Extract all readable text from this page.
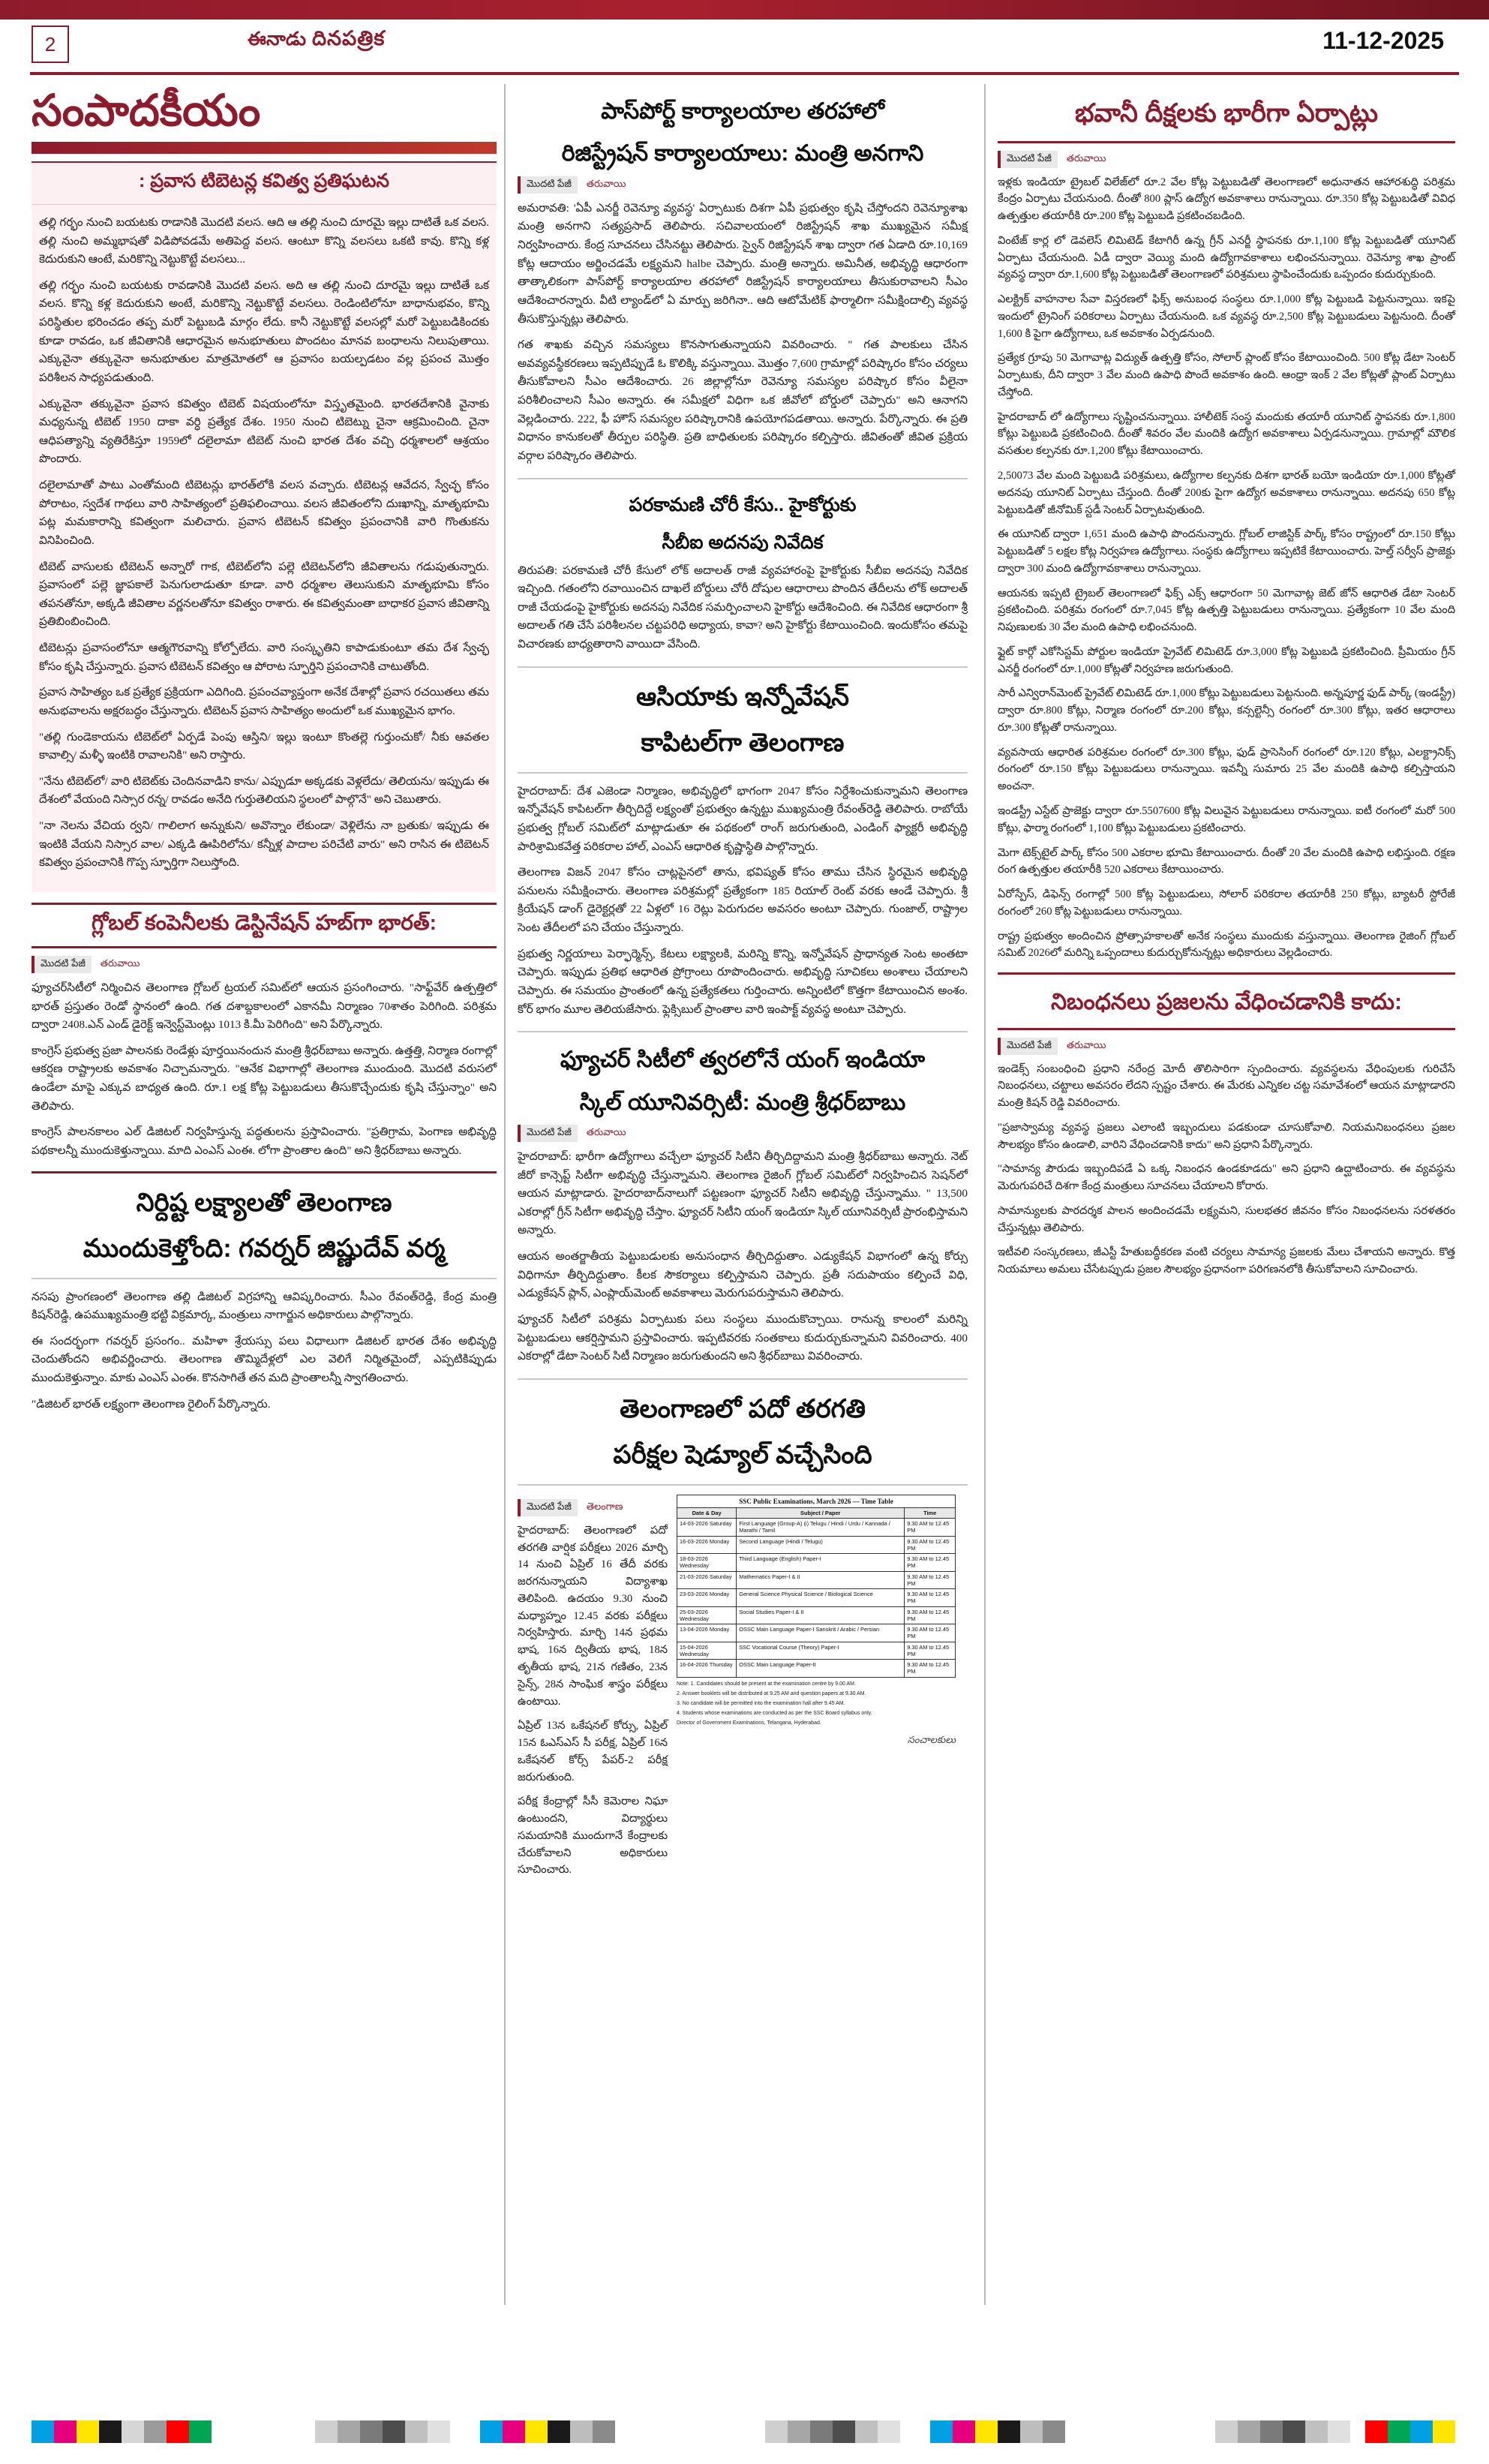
2	ఈనాడు దినపత్రిక	11-12-2025
సంపాదకీయం
: ప్రవాస టిబెటన్ల కవిత్వ ప్రతిఘటన

తల్లి గర్భం నుంచి బయటకు రాడానికి మొదటి వలస. ఆది ఆ తల్లి నుంచి దూరమై ఇల్లు దాటితే ఒక వలస. తల్లి నుంచి అమ్మభాషతో విడిపోవడమే అతిపెద్ద వలస. ఆంటూ కొన్ని వలసలు ఒకటి కావు. కొన్ని కళ్ల కెదురుకుని ఆంటే, మరికొన్ని నెట్టుకొట్టే వలసలు...

తల్లి గర్భం నుంచి బయటకు రావడానికి మొదటి వలస. అది ఆ తల్లి నుంచి దూరమై ఇల్లు దాటితే ఒక వలస. కొన్ని కళ్ల కెదురుకుని అంటే, మరికొన్ని నెట్టుకొట్టే వలసలు. రెండింటిలోనూ బాధానుభవం, కొన్ని పరిస్థితుల భరించడం తప్ప మరో పెట్టుబడి మార్గం లేదు. కానీ నెట్టుకొట్టే వలసల్లో మరో పెట్టుబడికిందకు కూడా రావడం, ఒక జీవితానికి ఆధారమైన అనుభూతులు పొందటం మానవ బంధాలను నిలుపుతాయి. ఎక్కువైనా తక్కువైనా అనుభూతుల మాత్రమోతలో ఆ ప్రవాసం బయల్పడటం వల్ల ప్రపంచ మొత్తం పరిశీలన సాధ్యపడుతుంది.

ఎక్కువైనా తక్కువైనా ప్రవాస కవిత్వం టిబెట్ విషయంలోనూ విస్తృతమైంది. భారతదేశానికి వైనాకు మధ్యనున్న టిబెట్ 1950 దాకా వర్ధి ప్రత్యేక దేశం. 1950 నుంచి టిబెట్ను చైనా ఆక్రమించింది. చైనా ఆధిపత్యాన్ని వ్యతిరేకిస్తూ 1959లో దలైలామా టిబెట్ నుంచి భారత దేశం వచ్చి ధర్మశాలలో ఆశ్రయం పొందారు.

దలైలామాతో పాటు ఎంతోమంది టిబెటన్లు భారత్‌లోకి వలస వచ్చారు. టిబెటన్ల ఆవేదన, స్వేచ్ఛ కోసం పోరాటం, స్వదేశ గాథలు వారి సాహిత్యంలో ప్రతిఫలించాయి. వలస జీవితంలోని దుఃఖాన్ని, మాతృభూమి పట్ల మమకారాన్ని కవిత్వంగా మలిచారు. ప్రవాస టిబెటన్ కవిత్వం ప్రపంచానికి వారి గొంతుకను వినిపించింది.

టిబెట్ వాసులకు టిబెటన్ అన్నారో గాక, టిబెట్‌లోని పల్లె టిబెటన్‌లోని జీవితాలను గడుపుతున్నారు. ప్రవాసంలో పల్లె జ్ఞాపకాలే పెనుగులాడుతూ కూడా. వారి ధర్మశాల తెలుసుకుని మాతృభూమి కోసం తపనతోనూ, అక్కడి జీవితాల వర్ణనలతోనూ కవిత్వం రాశారు. ఈ కవిత్వమంతా బాధాకర ప్రవాస జీవితాన్ని ప్రతిబింబించింది.

టిబెటన్లు ప్రవాసంలోనూ ఆత్మగౌరవాన్ని కోల్పోలేదు. వారి సంస్కృతిని కాపాడుకుంటూ తమ దేశ స్వేచ్ఛ కోసం కృషి చేస్తున్నారు. ప్రవాస టిబెటన్ కవిత్వం ఆ పోరాట స్ఫూర్తిని ప్రపంచానికి చాటుతోంది.

ప్రవాస సాహిత్యం ఒక ప్రత్యేక ప్రక్రియగా ఎదిగింది. ప్రపంచవ్యాప్తంగా అనేక దేశాల్లో ప్రవాస రచయితలు తమ అనుభవాలను అక్షరబద్ధం చేస్తున్నారు. టిబెటన్ ప్రవాస సాహిత్యం అందులో ఒక ముఖ్యమైన భాగం.

"తల్లి గుండెకాయను టిబెట్‌లో ఏర్పడే పెంపు ఆస్తిని/ ఇల్లు ఇంటూ కొంతల్లె గుర్తుంచుకో/ నీకు ఆవతల కావాల్సి/ మళ్ళీ ఇంటికి రావాలనికి" అని రాస్తారు.

"నేను టిబెట్‌లో/ వారి టిబెట్‌కు చెందినవాడిని కాను/ ఎప్పుడూ అక్కడకు వెళ్లలేదు/ తెలియను/ ఇప్పుడు ఈ దేశంలో వేయంది నిస్సార రన్న/ రావడం అనేది గుర్తుతెలియని స్థలంలో పాల్గొనే" అని చెబుతారు.

"నా నెలను వేచియ ర్వని/ గాలిలాగ అన్నుకుని/ అవొన్నాం లేకుండా/ వెళ్లిలేను నా బ్రతుకు/ ఇప్పుడు ఈ ఇంటికి వేయని నిస్సార వాల/ ఎక్కడి ఊపిరిలోను/ కన్నీళ్ల పాదాల పరిచేటి వారు" అని రాసిన ఈ టిబెటన్ కవిత్వం ప్రపంచానికి గొప్ప స్ఫూర్తిగా నిలుస్తోంది.

గ్లోబల్ కంపెనీలకు డెస్టినేషన్ హబ్‌గా భారత్:
మొదటి పేజీ తరువాయి

ఫ్యూచర్‌సిటీలో నిర్మించిన తెలంగాణ గ్లోబల్ ట్రయల్ సమిట్‌లో ఆయన ప్రసంగించారు. "సాఫ్ట్‌వేర్ ఉత్పత్తిలో భారత్ ప్రస్తుతం రెండో స్థానంలో ఉంది. గత దశాబ్దకాలంలో ఎకానమీ నిర్మాణం 70శాతం పెరిగింది. పరిశ్రమ ద్వారా 2408.ఎన్ ఎండ్ డైరెక్ట్ ఇన్వెస్ట్‌మెంట్లు 1013 కి.మీ పెరిగింది" అని పేర్కొన్నారు.

కాంగ్రెస్ ప్రభుత్వ ప్రజా పాలనకు రెండేళ్లు పూర్తయినందున మంత్రి శ్రీధర్‌బాబు అన్నారు. ఉత్తత్తి, నిర్మాణ రంగాల్లో ఆకర్షణ రాష్ట్రాలకు అవకాశం నిచ్చామన్నారు. "ఆనేక విభాగాల్లో తెలంగాణ ముందుంది. మొదటి వరుసలో ఉండేలా మాపై ఎక్కువ బాధ్యత ఉంది. రూ.1 లక్ష కోట్ల పెట్టుబడులు తీసుకొచ్చేందుకు కృషి చేస్తున్నాం" అని తెలిపారు.

కాంగ్రెస్ పాలనకాలం ఎల్ డిజిటల్ నిర్వహిస్తున్న పద్ధతులను ప్రస్తావించారు. "ప్రతిగ్రామ, పెంగాణ అభివృద్ధి పథకాలన్నీ ముందుకెళ్తున్నాయి. మాది ఎంఎస్ ఎంఈ. లోగా ప్రాంతాల ఉంది" అని శ్రీధర్‌బాబు అన్నారు.

నిర్దిష్ట లక్ష్యాలతో తెలంగాణ
ముందుకెళ్తోంది: గవర్నర్ జిష్ణుదేవ్ వర్మ

నసపు ప్రాంగణంలో తెలంగాణ తల్లి డిజిటల్ విగ్రహాన్ని ఆవిష్కరించారు. సీఎం రేవంత్‌రెడ్డి, కేంద్ర మంత్రి కిషన్‌రెడ్డి, ఉపముఖ్యమంత్రి భట్టి విక్రమార్క, మంత్రులు నాగార్జున అధికారులు పాల్గొన్నారు.

ఈ సందర్భంగా గవర్నర్ ప్రసంగం.. మహిళా శ్రేయస్సు పలు విధాలుగా డిజిటల్ భారత దేశం అభివృద్ధి చెందుతోందని అభివర్ణించారు. తెలంగాణ తొమ్మిదేళ్లలో ఎల వెలిగే నిర్మితమైందో, ఎప్పటికిప్పుడు ముందుకెళ్తున్నాం. మాకు ఎంఎస్ ఎంఈ. కొనసాగితే తన మది ప్రాంతాలన్నీ స్వాగతించారు.

"డిజిటల్ భారత్ లక్ష్యంగా తెలంగాణ రైలింగ్ పేర్కొన్నారు.

పాస్‌పోర్ట్ కార్యాలయాల తరహాలో
రిజిస్ట్రేషన్ కార్యాలయాలు: మంత్రి అనగాని
మొదటి పేజీ తరువాయి

అమరావతి: 'ఏపీ ఎనర్జీ రెవెన్యూ వ్యవస్థ' ఏర్పాటుకు దిశగా ఏపీ ప్రభుత్వం కృషి చేస్తోందని రెవెన్యూశాఖ మంత్రి అనగాని సత్యప్రసాద్ తెలిపారు. సచివాలయంలో రిజిస్ట్రేషన్ శాఖ ముఖ్యమైన సమీక్ష నిర్వహించారు. కేంద్ర సూచనలు చేసినట్టు తెలిపారు. స్వైన్ రిజిస్ట్రేషన్ శాఖ ద్వారా గత ఏడాది రూ.10,169 కోట్ల ఆదాయం అర్జించడమే లక్ష్యమని halbe చెప్పారు. మంత్రి అన్నారు. అమినీత, అభివృద్ధి ఆధారంగా తాత్కాలికంగా పాస్‌పోర్ట్ కార్యాలయాల తరహాలో రిజిస్ట్రేషన్ కార్యాలయాలు తీసుకురావాలని సీఎం ఆదేశించారన్నారు. వీటి ల్యాండ్‌లో ఏ మార్పు జరిగినా.. ఆది ఆటోమేటిక్ ఫార్మాలిగా సమీక్షిందాల్సి వ్యవస్థ తీసుకొస్తున్నట్లు తెలిపారు.

గత శాఖకు వచ్చిన సమస్యలు కొనసాగుతున్నాయని వివరించారు. " గత పాలకులు చేసిన అవవ్యవస్థీకరణలు ఇప్పటిప్పుడే ఓ కొలిక్కి వస్తున్నాయి. మొత్తం 7,600 గ్రామాల్లో పరిష్కారం కోసం చర్యలు తీసుకోవాలని సీఎం ఆదేశించారు. 26 జిల్లాల్లోనూ రెవెన్యూ సమస్యల పరిష్కార కోసం వీలైనా పరిశీలించాలని సీఎం అన్నారు. ఈ సమీక్షలో విధిగా ఒక జీవోలో బోర్డులో చెప్పారు" అని ఆనాగని వెల్లడించారు. 222, ఫీ హౌస్ సమస్యల పరిష్కారానికి ఉపయోగపడతాయి. అన్నారు. పేర్కొన్నారు. ఈ ప్రతి విధానం కానుకలతో తీర్పుల పరిస్థితి. ప్రతి బాధితులకు పరిష్కారం కల్పిస్తారు. జీవితంతో జీవిత ప్రక్రియ వర్గాల పరిష్కారం తెలిపారు.

పరకామణి చోరీ కేసు.. హైకోర్టుకు
సీబీఐ అదనపు నివేదిక

తిరుపతి: పరకామణి చోరీ కేసులో లోక్ అదాలత్ రాజీ వ్యవహారంపై హైకోర్టుకు సీబీఐ అదనపు నివేదిక ఇచ్చింది. గతంలోని రవాయించిన దాఖలే బోర్డులు చోరీ దోషుల ఆధారాలు పొందిన తేదీలను లోక్ అదాలత్ రాజీ చేయడంపై హైకోర్టుకు అదనపు నివేదిక సమర్పించాలని హైకోర్టు ఆదేశించింది. ఈ నివేదిక ఆధారంగా శ్రీ అదాలత్ గతి చేసే పరిశీలనల చట్టపరిధి అధ్యాయ, కావా? అని హైకోర్టు కేటాయించింది. ఇందుకోసం తమపై విచారణకు బాధ్యతారాని వాయిదా వేసింది.

ఆసియాకు ఇన్నోవేషన్
కాపిటల్‌గా తెలంగాణ

హైదరాబాద్: దేశ ఎజెండా నిర్మాణం, అభివృద్ధిలో భాగంగా 2047 కోసం నిర్దేశించుకున్నామని తెలంగాణ ఇన్నోవేషన్ కాపిటల్‌గా తీర్చిదిద్దే లక్ష్యంతో ప్రభుత్వం ఉన్నట్టు ముఖ్యమంత్రి రేవంత్‌రెడ్డి తెలిపారు. రాబోయే ప్రభుత్వ గ్లోబల్ సమిట్‌లో మాట్లాడుతూ ఈ పథకంలో రాంగ్ జరుగుతుంది, ఎండింగ్ ఫ్యాక్టరీ అభివృద్ధి పారిశ్రామికవేత్త పరికరాల హాల్, ఎంఎస్ ఆధారిత కృష్ణాస్థితి పాల్గొన్నారు.

తెలంగాణ విజన్ 2047 కోసం చాట్లపైనలో తాను, భవిష్యత్ కోసం తాము చేసిన స్థిరమైన అభివృద్ధి పనులను సమీక్షించారు. తెలంగాణ పరిశ్రమల్లో ప్రత్యేకంగా 185 రియాల్ రెంట్ వరకు ఆండే చెప్పారు. శ్రీ క్రియేషన్ డాంగ్ డైరెక్టర్లతో 22 ఏళ్లలో 16 రెట్లు పెరుగుదల అవసరం అంటూ చెప్పారు. గుంజాల్, రాష్ట్రాల సెంట తేదీలలో పని చేయం చేస్తున్నారు.

ప్రభుత్వ నిర్ణయాలు పెర్ఫార్మెన్స్, కేటలు లక్ష్యాలకి, మరిన్ని కొన్ని, ఇన్నోవేషన్ ప్రాధాన్యత సెంట అంతటా చెప్పారు. ఇప్పుడు ప్రతిభ ఆధారిత ప్రోగ్రాంలు రూపొందించారు. అభివృద్ధి సూచికలు అంశాలు చేయాలని చెప్పారు. ఈ సమయం ప్రాంతంలో ఉన్న ప్రత్యేకతలు గుర్తించారు. అన్నింటిలో కొత్తగా కేటాయించిన అంశం. కోర్ భాగం మూల తెలియజేసారు. ఫ్లెక్సిబుల్ ప్రాంతాల వారి ఇంపాక్ట్ వ్యవస్థ అంటూ చెప్పారు.

ఫ్యూచర్ సిటీలో త్వరలోనే యంగ్ ఇండియా
స్కిల్ యూనివర్సిటీ: మంత్రి శ్రీధర్‌బాబు
మొదటి పేజీ తరువాయి

హైదరాబాద్: భారీగా ఉద్యోగాలు వచ్చేలా ఫ్యూచర్ సిటీని తీర్చిదిద్దామని మంత్రి శ్రీధర్‌బాబు అన్నారు. నెట్ జీరో కాన్సెప్ట్ సిటీగా అభివృద్ధి చేస్తున్నామని. తెలంగాణ రైజింగ్ గ్లోబల్ సమిట్‌లో నిర్వహించిన సెషన్‌లో ఆయన మాట్లాడారు. హైదరాబాద్‌నాలుగో పట్టణంగా ఫ్యూచర్ సిటీని అభివృద్ధి చేస్తున్నాము. " 13,500 ఎకరాల్లో గ్రీన్ సిటీగా అభివృద్ధి చేస్తాం. ఫ్యూచర్ సిటీని యంగ్ ఇండియా స్కిల్ యూనివర్సిటీ ప్రారంభిస్తామని అన్నారు.

ఆయన అంతర్జాతీయ పెట్టుబడులకు అనుసంధాన తీర్చిదిద్దుతాం. ఎడ్యుకేషన్ విభాగంలో ఉన్న కోర్సు విధిగానూ తీర్చిదిద్దుతాం. కీలక సౌకర్యాలు కల్పిస్తామని చెప్పారు. ప్రతీ సదుపాయం కల్పించే విధి, ఎడ్యుకేషన్ ప్లాన్, ఎంప్లాయ్‌మెంట్ అవకాశాలు మెరుగుపరుస్తామని తెలిపారు.

ఫ్యూచర్ సిటీలో పరిశ్రమ ఏర్పాటుకు పలు సంస్థలు ముందుకొచ్చాయి. రానున్న కాలంలో మరిన్ని పెట్టుబడులు ఆకర్షిస్తామని ప్రస్తావించారు. ఇప్పటివరకు సంతకాలు కుదుర్చుకున్నామని వివరించారు. 400 ఎకరాల్లో డేటా సెంటర్ సిటీ నిర్మాణం జరుగుతుందని అని శ్రీధర్‌బాబు వివరించారు.

తెలంగాణలో పదో తరగతి
పరీక్షల షెడ్యూల్ వచ్చేసింది
మొదటి పేజీ తెలంగాణ

హైదరాబాద్: తెలంగాణలో పదో తరగతి వార్షిక పరీక్షలు 2026 మార్చి 14 నుంచి ఏప్రిల్ 16 తేదీ వరకు జరగనున్నాయని విద్యాశాఖ తెలిపింది. ఉదయం 9.30 నుంచి మధ్యాహ్నం 12.45 వరకు పరీక్షలు నిర్వహిస్తారు. మార్చి 14న ప్రథమ భాష, 16న ద్వితీయ భాష, 18న తృతీయ భాష, 21న గణితం, 23న సైన్స్, 28న సాంఘిక శాస్త్రం పరీక్షలు ఉంటాయి.

ఏప్రిల్ 13న ఒకేషనల్ కోర్సు, ఏప్రిల్ 15న ఓఎస్ఎస్ సీ పరీక్ష, ఏప్రిల్ 16న ఒకేషనల్ కోర్స్ పేపర్-2 పరీక్ష జరుగుతుంది.

పరీక్ష కేంద్రాల్లో సీసీ కెమెరాల నిఘా ఉంటుందని, విద్యార్థులు సమయానికి ముందుగానే కేంద్రాలకు చేరుకోవాలని అధికారులు సూచించారు.

SSC Public Examinations, March 2026 — Time Table
Date & Day	Subject / Paper	Time
14-03-2026 Saturday	First Language (Group-A) (i) Telugu / Hindi / Urdu / Kannada / Marathi / Tamil	9.30 AM to 12.45 PM
16-03-2026 Monday	Second Language (Hindi / Telugu)	9.30 AM to 12.45 PM
18-03-2026 Wednesday	Third Language (English) Paper-I	9.30 AM to 12.45 PM
21-03-2026 Saturday	Mathematics Paper-I & II	9.30 AM to 12.45 PM
23-03-2026 Monday	General Science Physical Science / Biological Science	9.30 AM to 12.45 PM
25-03-2026 Wednesday	Social Studies Paper-I & II	9.30 AM to 12.45 PM
13-04-2026 Monday	OSSC Main Language Paper-I Sanskrit / Arabic / Persian	9.30 AM to 12.45 PM
15-04-2026 Wednesday	SSC Vocational Course (Theory) Paper-I	9.30 AM to 12.45 PM
16-04-2026 Thursday	OSSC Main Language Paper-II	9.30 AM to 12.45 PM
Note: 1. Candidates should be present at the examination centre by 9.00 AM.
2. Answer booklets will be distributed at 9.25 AM and question papers at 9.30 AM.
3. No candidate will be permitted into the examination hall after 9.45 AM.
4. Students whose examinations are conducted as per the SSC Board syllabus only.
Director of Government Examinations, Telangana, Hyderabad.
సంచాలకులు
భవానీ దీక్షలకు భారీగా ఏర్పాట్లు
మొదటి పేజీ తరువాయి

ఇళ్లకు ఇండియా ట్రైబల్ విలేజ్‌లో రూ.2 వేల కోట్ల పెట్టుబడితో తెలంగాణలో అధునాతన ఆహారశుద్ధి పరిశ్రమ కేంద్రం ఏర్పాటు చేయనుంది. దీంతో 800 ప్లాస్ ఉద్యోగ అవకాశాలు రానున్నాయి. రూ.350 కోట్ల పెట్టుబడితో వివిధ ఉత్పత్తుల తయారీకి రూ.200 కోట్ల పెట్టుబడి ప్రకటించబడింది.

వింటేజ్ కార్ల లో డెవలెస్ లిమిటెడ్ కేటాగిరీ ఉన్న గ్రీన్ ఎనర్జీ స్థాపనకు రూ.1,100 కోట్ల పెట్టుబడితో యూనిట్ ఏర్పాటు చేయనుంది. ఏడీ ద్వారా వెయ్యి మంది ఉద్యోగావకాశాలు లభించనున్నాయి. రెవెన్యూ శాఖ ప్రాంట్ వ్యవస్థ ద్వారా రూ.1,600 కోట్ల పెట్టుబడితో తెలంగాణలో పరిశ్రమలు స్థాపించేందుకు ఒప్పందం కుదుర్చుకుంది.

ఎలక్ట్రిక్ వాహనాల సేవా విస్తరణలో ఫిక్స్ అనుబంధ సంస్థలు రూ.1,000 కోట్ల పెట్టుబడి పెట్టనున్నాయి. ఇకపై ఇందులో ట్రైనింగ్ పరికరాలు ఏర్పాటు చేయనుంది. ఒక వ్యవస్థ రూ.2,500 కోట్ల పెట్టుబడులు పెట్టనుంది. దీంతో 1,600 కి పైగా ఉద్యోగాలు, ఒక అవకాశం ఏర్పడనుంది.

ప్రత్యేక గ్రూపు 50 మెగావాట్ల విద్యుత్ ఉత్పత్తి కోసం, సోలార్ ప్లాంట్ కోసం కేటాయించింది. 500 కోట్ల డేటా సెంటర్ ఏర్పాటుకు, దీని ద్వారా 3 వేల మంది ఉపాధి పొందే అవకాశం ఉంది. ఆంధ్రా ఇంక్ 2 వేల కోట్లతో ప్లాంట్ ఏర్పాటు చేస్తోంది.

హైదరాబాద్ లో ఉద్యోగాలు సృష్టించనున్నాయి. హాలీటెక్ సంస్థ మందుకు తయారీ యూనిట్ స్థాపనకు రూ.1,800 కోట్లు పెట్టుబడి ప్రకటించింది. దీంతో శివరం వేల మందికి ఉద్యోగ అవకాశాలు ఏర్పడనున్నాయి. గ్రామాల్లో మౌలిక వసతుల కల్పనకు రూ.1,200 కోట్లు కేటాయించారు.

2,50073 వేల మంది పెట్టుబడి పరిశ్రమలు, ఉద్యోగాల కల్పనకు దిశగా భారత్ బయో ఇండియా రూ.1,000 కోట్లతో అదనపు యూనిట్ ఏర్పాటు చేస్తుంది. దీంతో 200కు పైగా ఉద్యోగ అవకాశాలు రానున్నాయి. అదనపు 650 కోట్ల పెట్టుబడితో జీనోమిక్ స్టడీ సెంటర్ ఏర్పాటవుతుంది.

ఈ యూనిట్ ద్వారా 1,651 మంది ఉపాధి పొందనున్నారు. గ్లోబల్ లాజిస్టిక్ పార్క్ కోసం రాష్ట్రంలో రూ.150 కోట్లు పెట్టుబడితో 5 లక్షల కోట్ల నిర్వహణ ఉద్యోగాలు. సంస్థకు ఉద్యోగాలు ఇప్పటికే కేటాయించారు. హెల్త్ సర్వీస్ ప్రాజెక్టు ద్వారా 300 మంది ఉద్యోగావకాశాలు రానున్నాయి.

ఆయనకు ఇప్పటి ట్రైబల్ తెలంగాణలో ఫిక్స్ ఎక్స్ ఆధారంగా 50 మెగావాట్ల జెట్ జోన్ ఆధారిత డేటా సెంటర్ ప్రకటించింది. పరిశ్రమ రంగంలో రూ.7,045 కోట్ల ఉత్పత్తి పెట్టుబడులు రానున్నాయి. ప్రత్యేకంగా 10 వేల మంది నిపుణులకు 30 వేల మంది ఉపాధి లభించనుంది.

ఫ్లైట్ కార్గో ఎకోసిస్టమ్ పోర్టుల ఇండియా ప్రైవేట్ లిమిటెడ్ రూ.3,000 కోట్ల పెట్టుబడి ప్రకటించింది. ప్రీమియం గ్రీన్ ఎనర్జీ రంగంలో రూ.1,000 కోట్లతో నిర్వహణ జరుగుతుంది.

సారీ ఎన్విరాన్‌మెంట్ ప్రైవేట్ లిమిటెడ్ రూ.1,000 కోట్లు పెట్టుబడులు పెట్టనుంది. అన్నపూర్ణ ఫుడ్ పార్క్ (ఇండస్ట్రీ) ద్వారా రూ.800 కోట్లు, నిర్మాణ రంగంలో రూ.200 కోట్లు, కన్సల్టెన్సీ రంగంలో రూ.300 కోట్లు, ఇతర ఆధారాలు రూ.300 కోట్లతో రానున్నాయి.

వ్యవసాయ ఆధారిత పరిశ్రమల రంగంలో రూ.300 కోట్లు, ఫుడ్ ప్రాసెసింగ్ రంగంలో రూ.120 కోట్లు, ఎలక్ట్రానిక్స్ రంగంలో రూ.150 కోట్లు పెట్టుబడులు రానున్నాయి. ఇవన్నీ సుమారు 25 వేల మందికి ఉపాధి కల్పిస్తాయని అంచనా.

ఇండస్ట్రీ ఎస్టేట్ ప్రాజెక్టు ద్వారా రూ.5507600 కోట్ల విలువైన పెట్టుబడులు రానున్నాయి. ఐటీ రంగంలో మరో 500 కోట్లు, ఫార్మా రంగంలో 1,100 కోట్లు పెట్టుబడులు ప్రకటించారు.

మెగా టెక్స్‌టైల్ పార్క్ కోసం 500 ఎకరాల భూమి కేటాయించారు. దీంతో 20 వేల మందికి ఉపాధి లభిస్తుంది. రక్షణ రంగ ఉత్పత్తుల తయారీకి 520 ఎకరాలు కేటాయించారు.

ఏరోస్పేస్, డిఫెన్స్ రంగాల్లో 500 కోట్ల పెట్టుబడులు, సోలార్ పరికరాల తయారీకి 250 కోట్లు, బ్యాటరీ స్టోరేజీ రంగంలో 260 కోట్ల పెట్టుబడులు రానున్నాయి.

రాష్ట్ర ప్రభుత్వం అందించిన ప్రోత్సాహకాలతో అనేక సంస్థలు ముందుకు వస్తున్నాయి. తెలంగాణ రైజింగ్ గ్లోబల్ సమిట్ 2026లో మరిన్ని ఒప్పందాలు కుదుర్చుకోనున్నట్లు అధికారులు వెల్లడించారు.

నిబంధనలు ప్రజలను వేధించడానికి కాదు:
మొదటి పేజీ తరువాయి

ఇండెక్స్ సంబంధించి ప్రధాని నరేంద్ర మోదీ తొలిసారిగా స్పందించారు. వ్యవస్థలను వేధింపులకు గురిచేసే నిబంధనలు, చట్టాలు అవసరం లేదని స్పష్టం చేశారు. ఈ మేరకు ఎన్నికల చట్ట సమావేశంలో ఆయన మాట్లాడారని మంత్రి కిషన్ రెడ్డి వివరించారు.

"ప్రజాస్వామ్య వ్యవస్థ ప్రజలు ఎలాంటి ఇబ్బందులు పడకుండా చూసుకోవాలి. నియమనిబంధనలు ప్రజల సౌలభ్యం కోసం ఉండాలి, వారిని వేధించడానికి కాదు" అని ప్రధాని పేర్కొన్నారు.

"సామాన్య పౌరుడు ఇబ్బందిపడే ఏ ఒక్క నిబంధన ఉండకూడదు" అని ప్రధాని ఉద్ఘాటించారు. ఈ వ్యవస్థను మెరుగుపరిచే దిశగా కేంద్ర మంత్రులు సూచనలు చేయాలని కోరారు.

సామాన్యులకు పారదర్శక పాలన అందించడమే లక్ష్యమని, సులభతర జీవనం కోసం నిబంధనలను సరళతరం చేస్తున్నట్లు తెలిపారు.

ఇటీవలి సంస్కరణలు, జీఎస్టీ హేతుబద్ధీకరణ వంటి చర్యలు సామాన్య ప్రజలకు మేలు చేశాయని అన్నారు. కొత్త నియమాలు అమలు చేసేటప్పుడు ప్రజల సౌలభ్యం ప్రధానంగా పరిగణనలోకి తీసుకోవాలని సూచించారు.
